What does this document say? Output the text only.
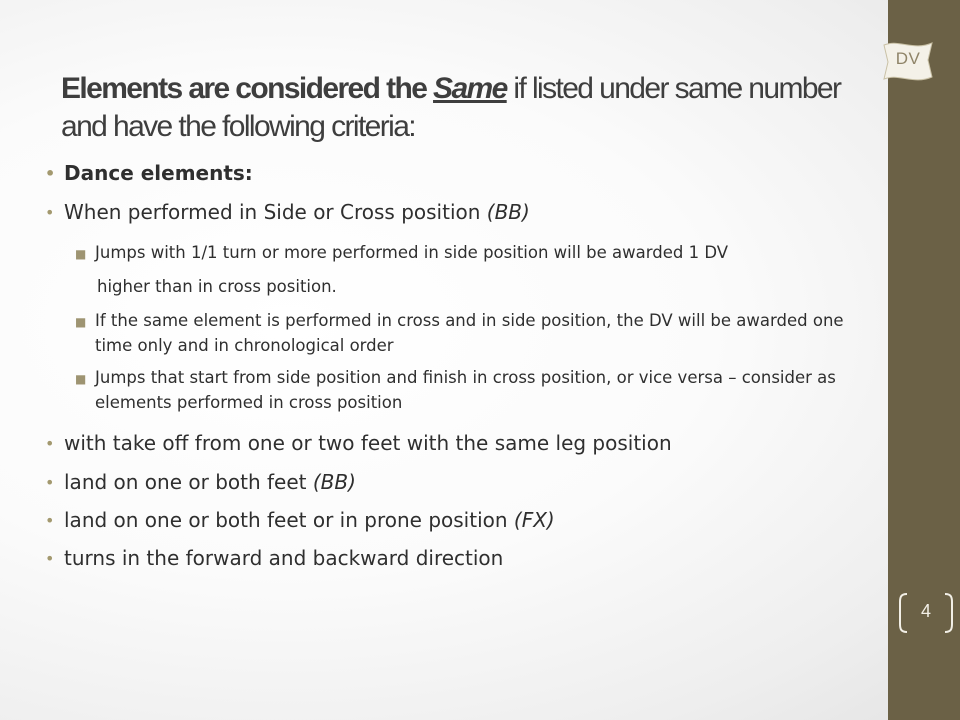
DV
4
Elements are considered the Same if listed under same number and have the following criteria:
• Dance elements:
• When performed in Side or Cross position (BB)
■ Jumps with 1/1 turn or more performed in side position will be awarded 1 DV
higher than in cross position.
■ If the same element is performed in cross and in side position, the DV will be awarded one time only and in chronological order
■ Jumps that start from side position and finish in cross position, or vice versa – consider as elements performed in cross position
• with take off from one or two feet with the same leg position
• land on one or both feet (BB)
• land on one or both feet or in prone position (FX)
• turns in the forward and backward direction
